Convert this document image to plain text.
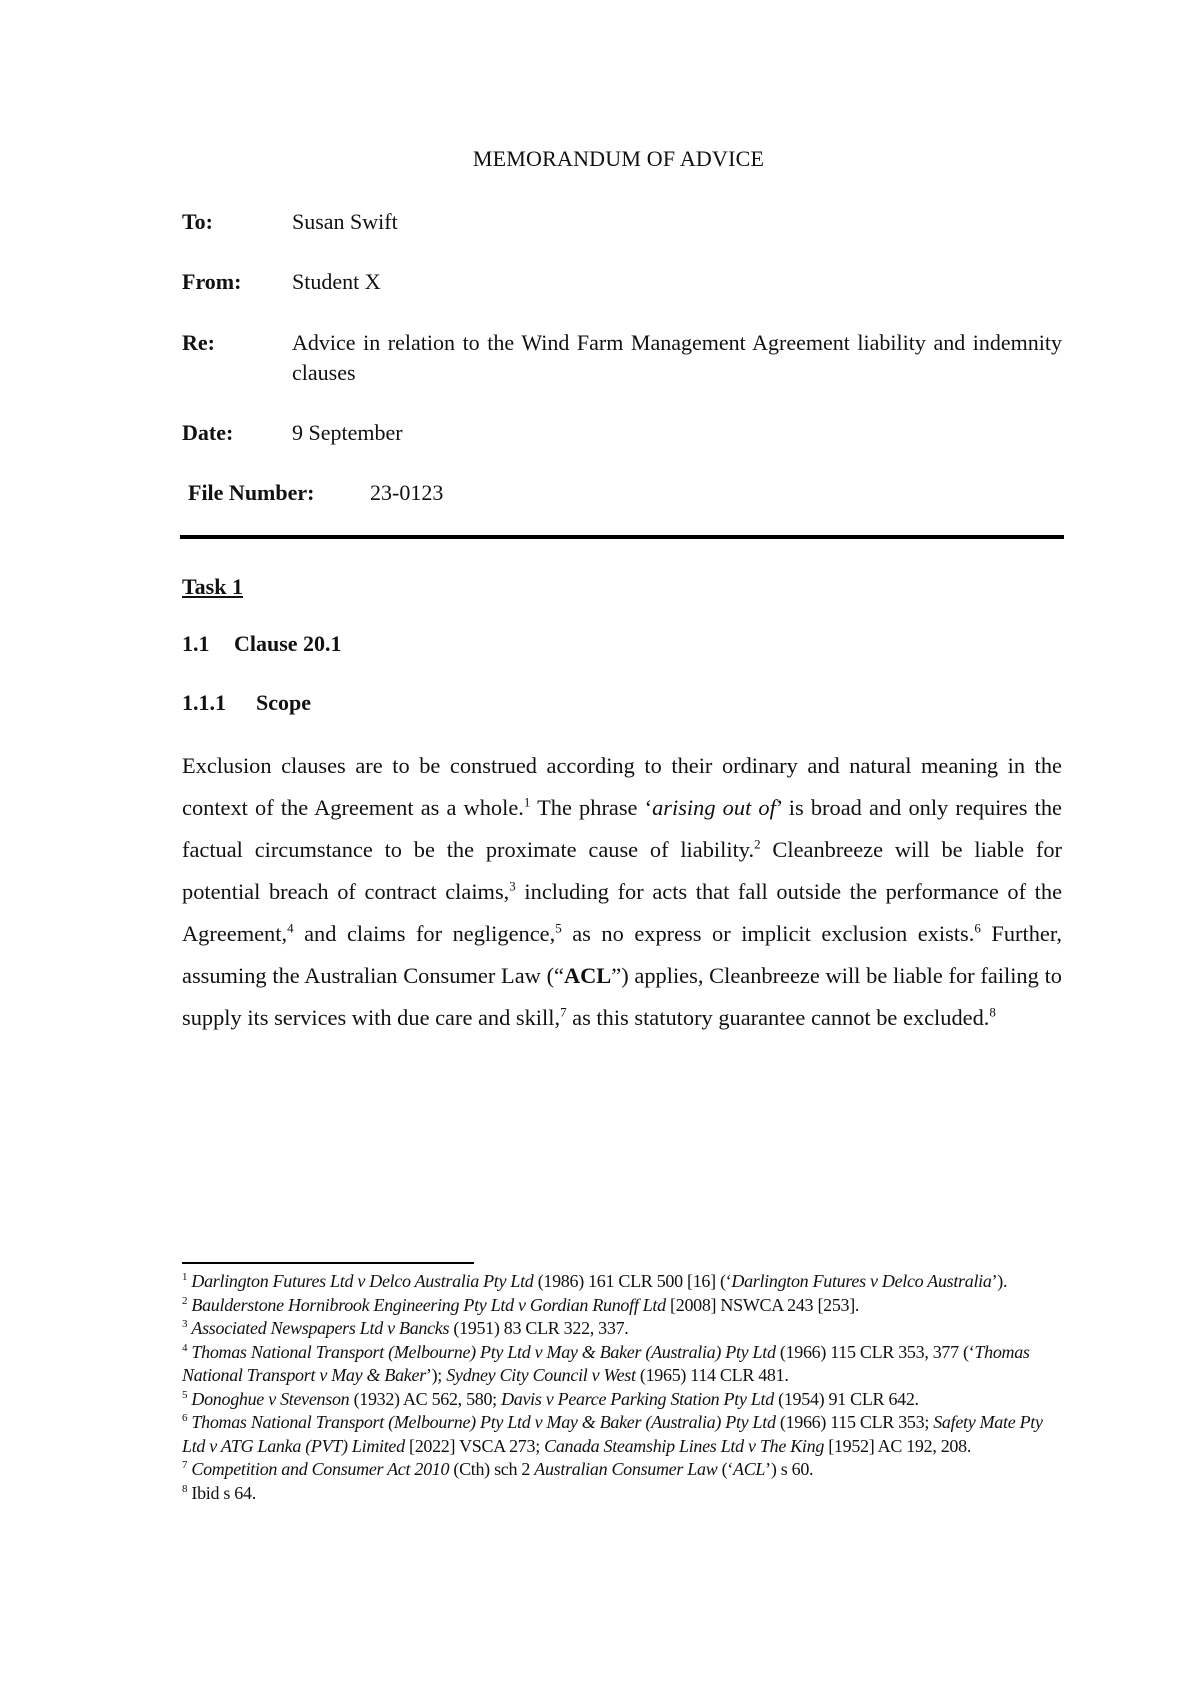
MEMORANDUM OF ADVICE
To:	Susan Swift
From: Student X
Re:	Advice in relation to the Wind Farm Management Agreement liability and indemnity clauses
Date:	9 September
File Number:	23-0123
Task 1
1.1 Clause 20.1
1.1.1 Scope
Exclusion clauses are to be construed according to their ordinary and natural meaning in the context of the Agreement as a whole.$^1$ The phrase ‘arising out of’ is broad and only requires the factual circumstance to be the proximate cause of liability.$^2$ Cleanbreeze will be liable for potential breach of contract claims,$^3$ including for acts that fall outside the performance of the Agreement,$^4$ and claims for negligence,$^5$ as no express or implicit exclusion exists.$^6$ Further, assuming the Australian Consumer Law (“ACL”) applies, Cleanbreeze will be liable for failing to supply its services with due care and skill,$^7$ as this statutory guarantee cannot be excluded.$^8$

$^1$ Darlington Futures Ltd v Delco Australia Pty Ltd (1986) 161 CLR 500 [16] (‘Darlington Futures v Delco Australia’).

$^2$ Baulderstone Hornibrook Engineering Pty Ltd v Gordian Runoff Ltd [2008] NSWCA 243 [253].

$^3$ Associated Newspapers Ltd v Bancks (1951) 83 CLR 322, 337.

$^4$ Thomas National Transport (Melbourne) Pty Ltd v May & Baker (Australia) Pty Ltd (1966) 115 CLR 353, 377 (‘Thomas National Transport v May & Baker’); Sydney City Council v West (1965) 114 CLR 481.

$^5$ Donoghue v Stevenson (1932) AC 562, 580; Davis v Pearce Parking Station Pty Ltd (1954) 91 CLR 642.

$^6$ Thomas National Transport (Melbourne) Pty Ltd v May & Baker (Australia) Pty Ltd (1966) 115 CLR 353; Safety Mate Pty Ltd v ATG Lanka (PVT) Limited [2022] VSCA 273; Canada Steamship Lines Ltd v The King [1952] AC 192, 208.

$^7$ Competition and Consumer Act 2010 (Cth) sch 2 Australian Consumer Law (‘ACL’) s 60.

$^8$ Ibid s 64.
